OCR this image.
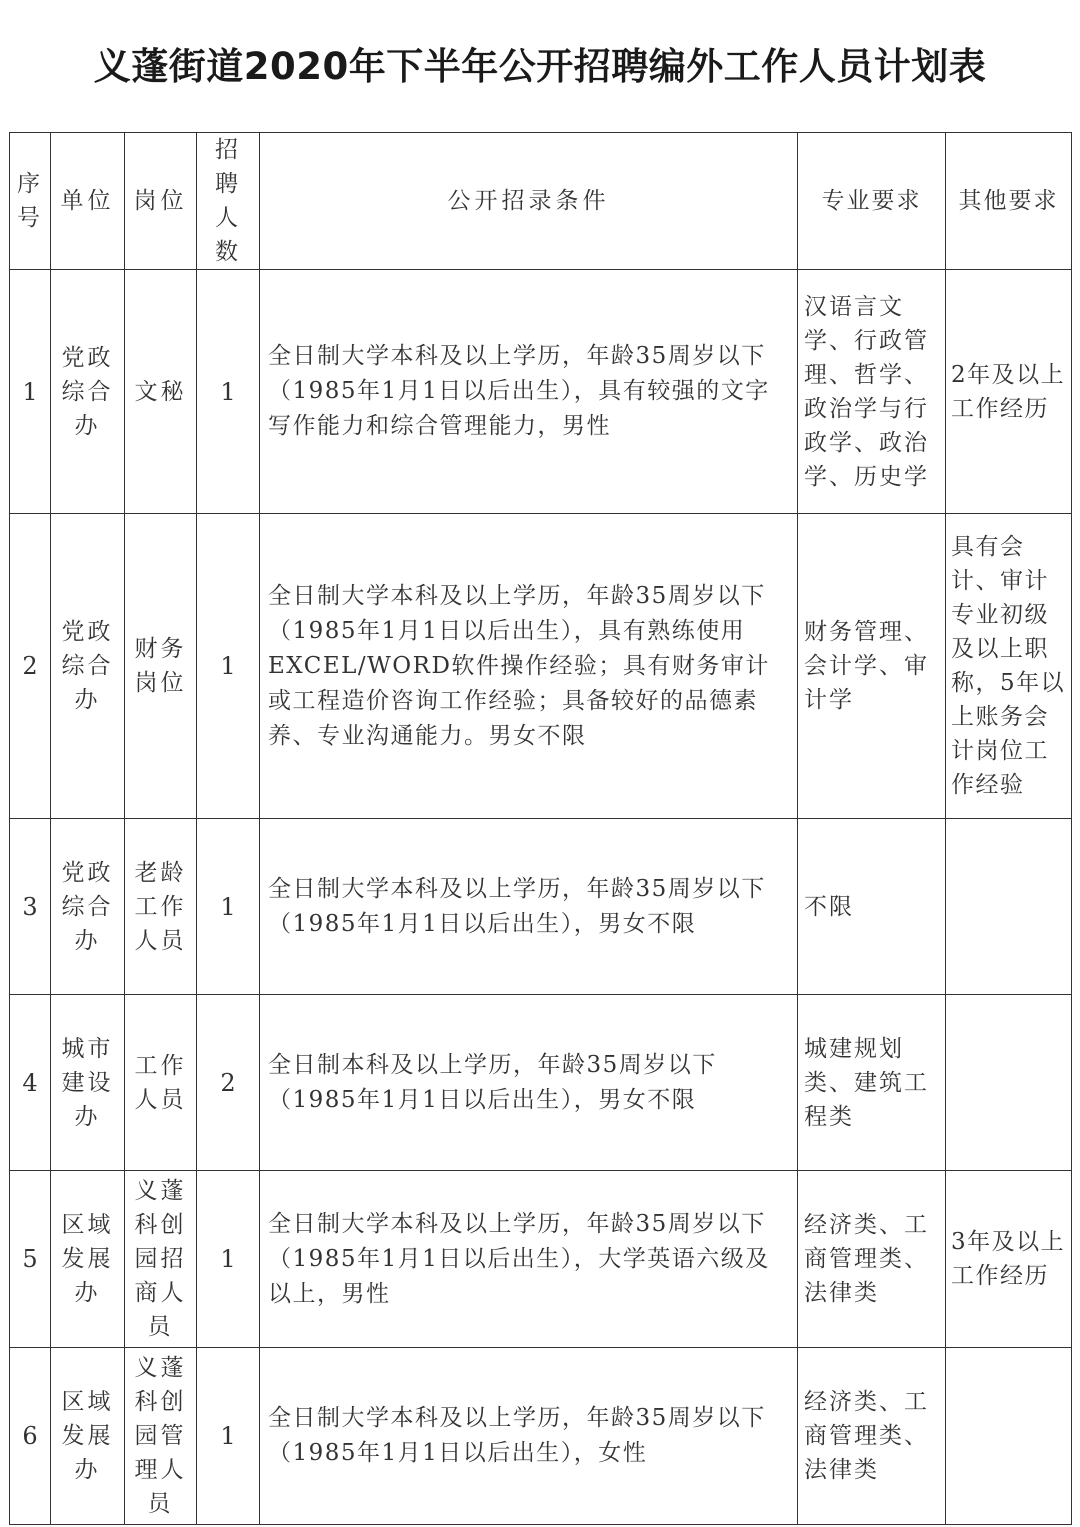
义蓬街道2020年下半年公开招聘编外工作人员计划表
序号	单位	岗位	招聘人数	公开招录条件	专业要求	其他要求
1	党政综合办	文秘	1	全日制大学本科及以上学历，年龄35周岁以下（1985年1月1日以后出生），具有较强的文字写作能力和综合管理能力，男性	汉语言文学、行政管理、哲学、政治学与行政学、政治学、历史学	2年及以上工作经历
2	党政综合办	财务岗位	1	全日制大学本科及以上学历，年龄35周岁以下（1985年1月1日以后出生），具有熟练使用EXCEL/WORD软件操作经验；具有财务审计或工程造价咨询工作经验；具备较好的品德素养、专业沟通能力。男女不限	财务管理、会计学、审计学	具有会计、审计专业初级及以上职称，5年以上账务会计岗位工作经验
3	党政综合办	老龄工作人员	1	全日制大学本科及以上学历，年龄35周岁以下（1985年1月1日以后出生），男女不限	不限	
4	城市建设办	工作人员	2	全日制本科及以上学历，年龄35周岁以下（1985年1月1日以后出生），男女不限	城建规划类、建筑工程类	
5	区域发展办	义蓬科创园招商人员	1	全日制大学本科及以上学历，年龄35周岁以下（1985年1月1日以后出生），大学英语六级及以上，男性	经济类、工商管理类、法律类	3年及以上工作经历
6	区域发展办	义蓬科创园管理人员	1	全日制大学本科及以上学历，年龄35周岁以下（1985年1月1日以后出生），女性	经济类、工商管理类、法律类	
